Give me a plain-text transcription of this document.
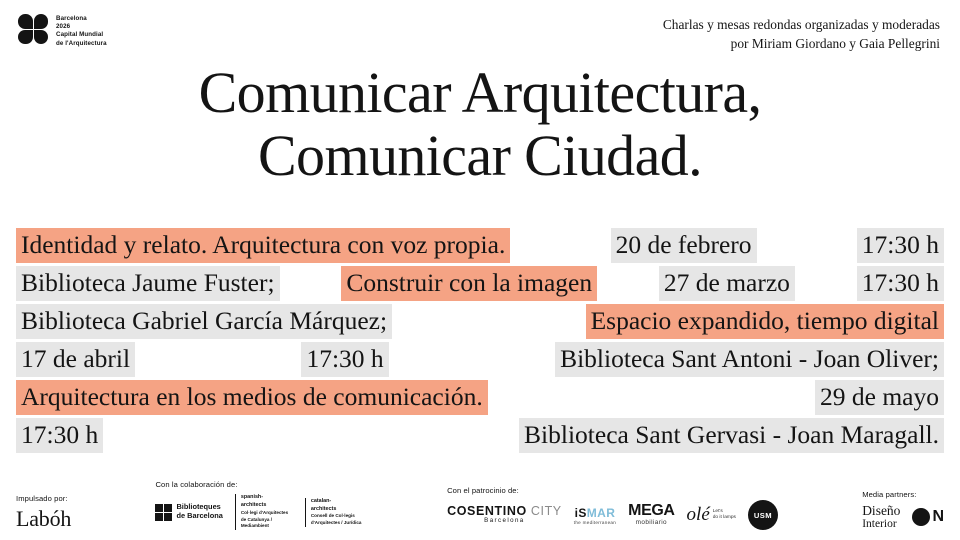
Barcelona
2026
Capital Mundial
de l'Arquitectura
Charlas y mesas redondas organizadas y moderadas
por Miriam Giordano y Gaia Pellegrini
Comunicar Arquitectura,
Comunicar Ciudad.
Identidad y relato. Arquitectura con voz propia.	20 de febrero	17:30 h
Biblioteca Jaume Fuster;	Construir con la imagen	27 de marzo	17:30 h
Biblioteca Gabriel García Márquez;	Espacio expandido, tiempo digital
17 de abril	17:30 h	Biblioteca Sant Antoni - Joan Oliver;
Arquitectura en los medios de comunicación.	29 de mayo
17:30 h	Biblioteca Sant Gervasi - Joan Maragall.
Impulsado por:
Labóh
Con la colaboración de:
Biblioteques
de Barcelona
spanish-
architects
Col·legi d'Arquitectes de Catalunya / Mediambient
catalan-
architects
Consell de Col·legis d'Arquitectes / Jurídica
Con el patrocinio de:
COSENTINO CITY
Barcelona
iSMAR
the mediterranean
MEGA
mobiliario	olé Let's
do it lamps	USM
Media partners:
Diseño
Interior N
